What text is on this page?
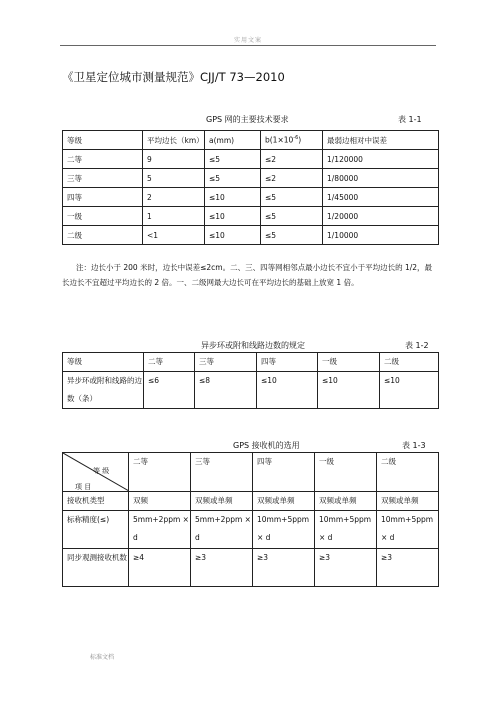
实用文案
《卫星定位城市测量规范》CJJ/T 73—2010
GPS 网的主要技术要求	表 1-1
等级	平均边长（km）	a(mm)	$b(1\times 10^{-6})$	最弱边相对中误差
二等	9	≤5	≤2	1/120000
三等	5	≤5	≤2	1/80000
四等	2	≤10	≤5	1/45000
一级	1	≤10	≤5	1/20000
二级	<1	≤10	≤5	1/10000
注：边长小于 200 米时，边长中误差≤2cm。二、三、四等网相邻点最小边长不宜小于平均边长的 1/2，最长边长不宜超过平均边长的 2 倍。一、二级网最大边长可在平均边长的基础上放宽 1 倍。
异步环或附和线路边数的规定	表 1-2
等级	二等	三等	四等	一级	二级
异步环或附和线路的边数（条）	≤6	≤8	≤10	≤10	≤10
GPS 接收机的选用	表 1-3
等 级
项 目	二等	三等	四等	一级	二级
接收机类型	双频	双频或单频	双频或单频	双频或单频	双频或单频
标称精度(≤)	5mm+2ppm × d	5mm+2ppm × d	10mm+5ppm × d	10mm+5ppm × d	10mm+5ppm × d
同步观测接收机数	≥4	≥3	≥3	≥3	≥3
标准文档
